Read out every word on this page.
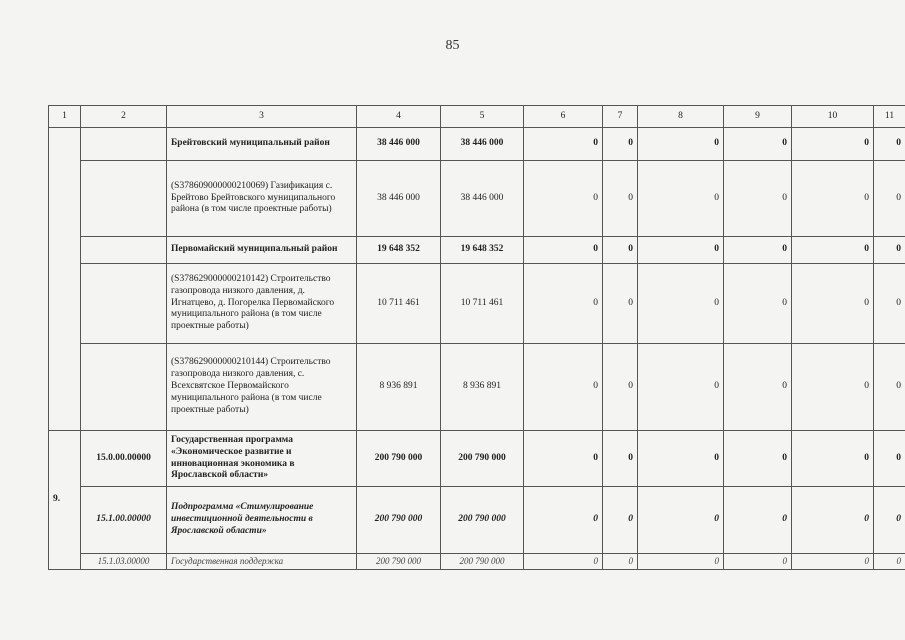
85
1	2	3	4	5	6	7	8	9	10	11
		Брейтовский муниципальный район	38 446 000	38 446 000	0	0	0	0	0	0
		(S378609000000210069) Газификация с. Брейтово Брейтовского муниципального района (в том числе проектные работы)	38 446 000	38 446 000	0	0	0	0	0	0
		Первомайский муниципальный район	19 648 352	19 648 352	0	0	0	0	0	0
		(S378629000000210142) Строительство газопровода низкого давления, д. Игнатцево, д. Погорелка Первомайского муниципального района (в том числе проектные работы)	10 711 461	10 711 461	0	0	0	0	0	0
		(S378629000000210144) Строительство газопровода низкого давления, с. Всехсвятское Первомайского муниципального района (в том числе проектные работы)	8 936 891	8 936 891	0	0	0	0	0	0
9.	15.0.00.00000	Государственная программа «Экономическое развитие и инновационная экономика в Ярославской области»	200 790 000	200 790 000	0	0	0	0	0	0
	15.1.00.00000	Подпрограмма «Стимулирование инвестиционной деятельности в Ярославской области»	200 790 000	200 790 000	0	0	0	0	0	0
	15.1.03.00000	Государственная поддержка	200 790 000	200 790 000	0	0	0	0	0	0
